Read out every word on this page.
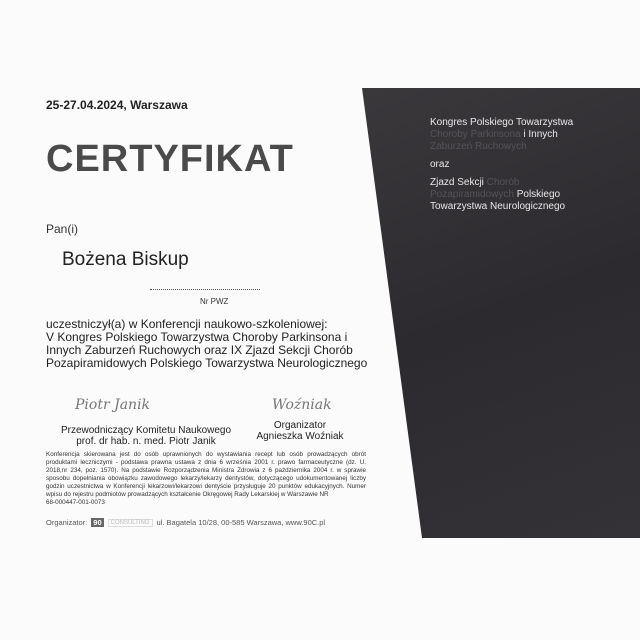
Kongres Polskiego Towarzystwa
Choroby Parkinsona i Innych
Zaburzeń Ruchowych
oraz
Zjazd Sekcji Chorób
Pozapiramidowych Polskiego
Towarzystwa Neurologicznego
25-27.04.2024, Warszawa
CERTYFIKAT
Pan(i)
Bożena Biskup
Nr PWZ
uczestniczył(a) w Konferencji naukowo-szkoleniowej:
V Kongres Polskiego Towarzystwa Choroby Parkinsona i Innych Zaburzeń Ruchowych oraz IX Zjazd Sekcji Chorób Pozapiramidowych Polskiego Towarzystwa Neurologicznego
Piotr Janik
Przewodniczący Komitetu Naukowego
prof. dr hab. n. med. Piotr Janik
Woźniak
Organizator
Agnieszka Woźniak
Konferencja skierowana jest do osób uprawnionych do wystawiania recept lub osób prowadzących obrót produktami leczniczymi - podstawa prawna ustawa z dnia 6 września 2001 r. prawo farmaceutyczne (dz. U. 2018,nr 234, poz. 1570). Na podstawie Rozporządzenia Ministra Zdrowia z 6 października 2004 r. w sprawie sposobu dopełniania obowiązku zawodowego lekarzy/lekarzy dentystów, dotyczącego udokumentowanej liczby godzin uczestnictwa w Konferencji lekarzowi/lekarzowi dentyście przysługuje 20 punktów edukacyjnych. Numer wpisu do rejestru podmiotów prowadzących kształcenie Okręgowej Rady Lekarskiej w Warszawie NR
68-000447-001-0073
Organizator: 90	CONSULTING ul. Bagatela 10/28, 00-585 Warszawa, www.90C.pl
